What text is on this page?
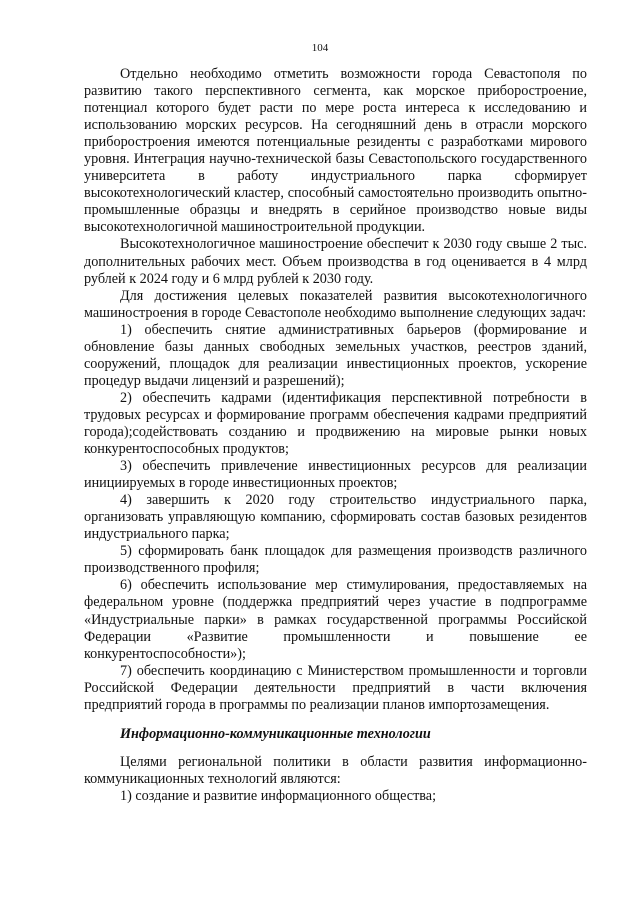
104

Отдельно необходимо отметить возможности города Севастополя по развитию такого перспективного сегмента, как морское приборостроение, потенциал которого будет расти по мере роста интереса к исследованию и использованию морских ресурсов. На сегодняшний день в отрасли морского приборостроения имеются потенциальные резиденты с разработками мирового уровня. Интеграция научно-технической базы Севастопольского государственного университета в работу индустриального парка сформирует высокотехнологический кластер, способный самостоятельно производить опытно-промышленные образцы и внедрять в серийное производство новые виды высокотехнологичной машиностроительной продукции.

Высокотехнологичное машиностроение обеспечит к 2030 году свыше 2 тыс. дополнительных рабочих мест. Объем производства в год оценивается в 4 млрд рублей к 2024 году и 6 млрд рублей к 2030 году.

Для достижения целевых показателей развития высокотехнологичного машиностроения в городе Севастополе необходимо выполнение следующих задач:

1) обеспечить снятие административных барьеров (формирование и обновление базы данных свободных земельных участков, реестров зданий, сооружений, площадок для реализации инвестиционных проектов, ускорение процедур выдачи лицензий и разрешений);

2) обеспечить кадрами (идентификация перспективной потребности в трудовых ресурсах и формирование программ обеспечения кадрами предприятий города);содействовать созданию и продвижению на мировые рынки новых конкурентоспособных продуктов;

3) обеспечить привлечение инвестиционных ресурсов для реализации инициируемых в городе инвестиционных проектов;

4) завершить к 2020 году строительство индустриального парка, организовать управляющую компанию, сформировать состав базовых резидентов индустриального парка;

5) сформировать банк площадок для размещения производств различного производственного профиля;

6) обеспечить использование мер стимулирования, предоставляемых на федеральном уровне (поддержка предприятий через участие в подпрограмме «Индустриальные парки» в рамках государственной программы Российской Федерации «Развитие промышленности и повышение ее конкурентоспособности»);

7) обеспечить координацию с Министерством промышленности и торговли Российской Федерации деятельности предприятий в части включения предприятий города в программы по реализации планов импортозамещения.

Информационно-коммуникационные технологии

Целями региональной политики в области развития информационно-коммуникационных технологий являются:

1) создание и развитие информационного общества;
